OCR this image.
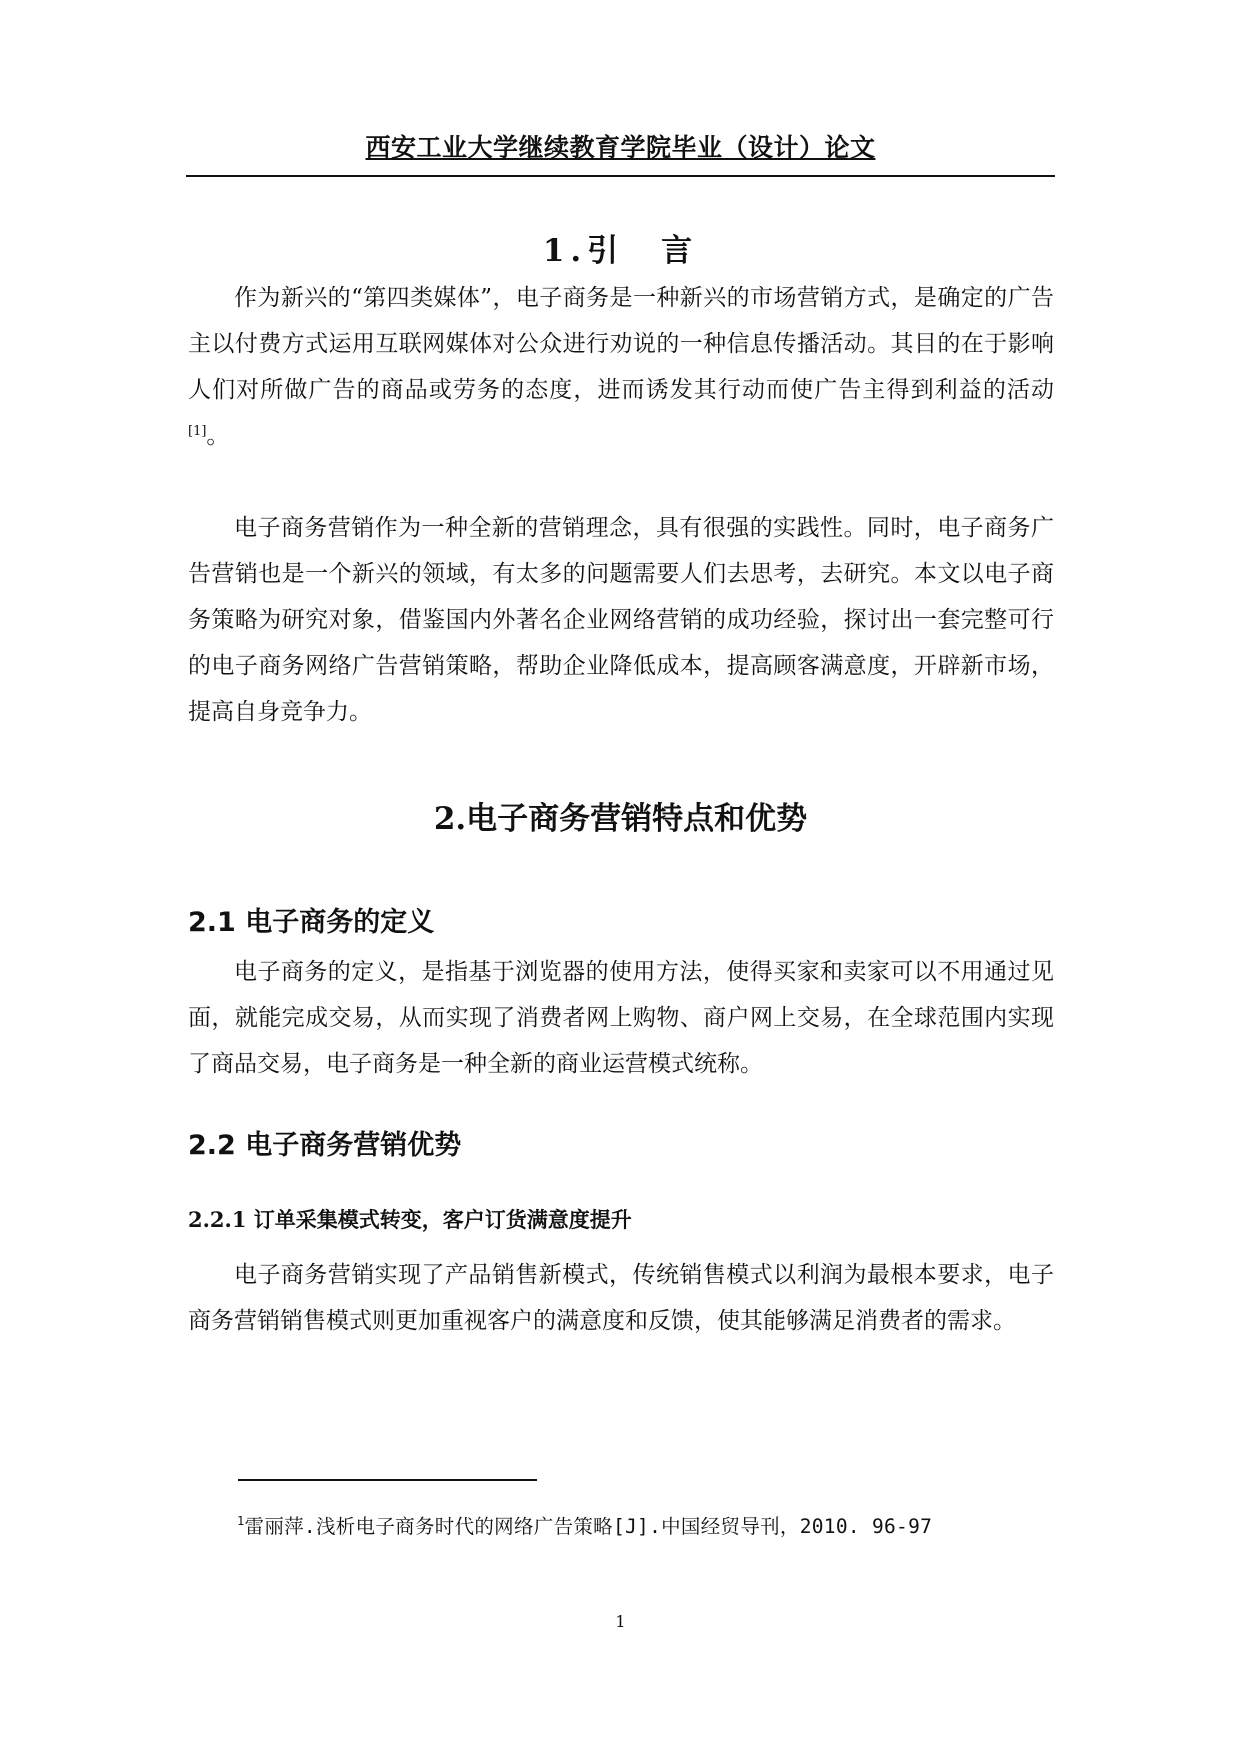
西安工业大学继续教育学院毕业（设计）论文
1.引　言

作为新兴的“第四类媒体”，电子商务是一种新兴的市场营销方式，是确定的广告主以付费方式运用互联网媒体对公众进行劝说的一种信息传播活动。其目的在于影响人们对所做广告的商品或劳务的态度，进而诱发其行动而使广告主得到利益的活动[1]。

电子商务营销作为一种全新的营销理念，具有很强的实践性。同时，电子商务广告营销也是一个新兴的领域，有太多的问题需要人们去思考，去研究。本文以电子商务策略为研究对象，借鉴国内外著名企业网络营销的成功经验，探讨出一套完整可行的电子商务网络广告营销策略，帮助企业降低成本，提高顾客满意度，开辟新市场，提高自身竞争力。

2.电子商务营销特点和优势
2.1 电子商务的定义

电子商务的定义，是指基于浏览器的使用方法，使得买家和卖家可以不用通过见面，就能完成交易，从而实现了消费者网上购物、商户网上交易，在全球范围内实现了商品交易，电子商务是一种全新的商业运营模式统称。

2.2 电子商务营销优势
2.2.1 订单采集模式转变，客户订货满意度提升

电子商务营销实现了产品销售新模式，传统销售模式以利润为最根本要求，电子商务营销销售模式则更加重视客户的满意度和反馈，使其能够满足消费者的需求。

$^1$雷丽萍.浅析电子商务时代的网络广告策略[J].中国经贸导刊，2010. 96-97
1
